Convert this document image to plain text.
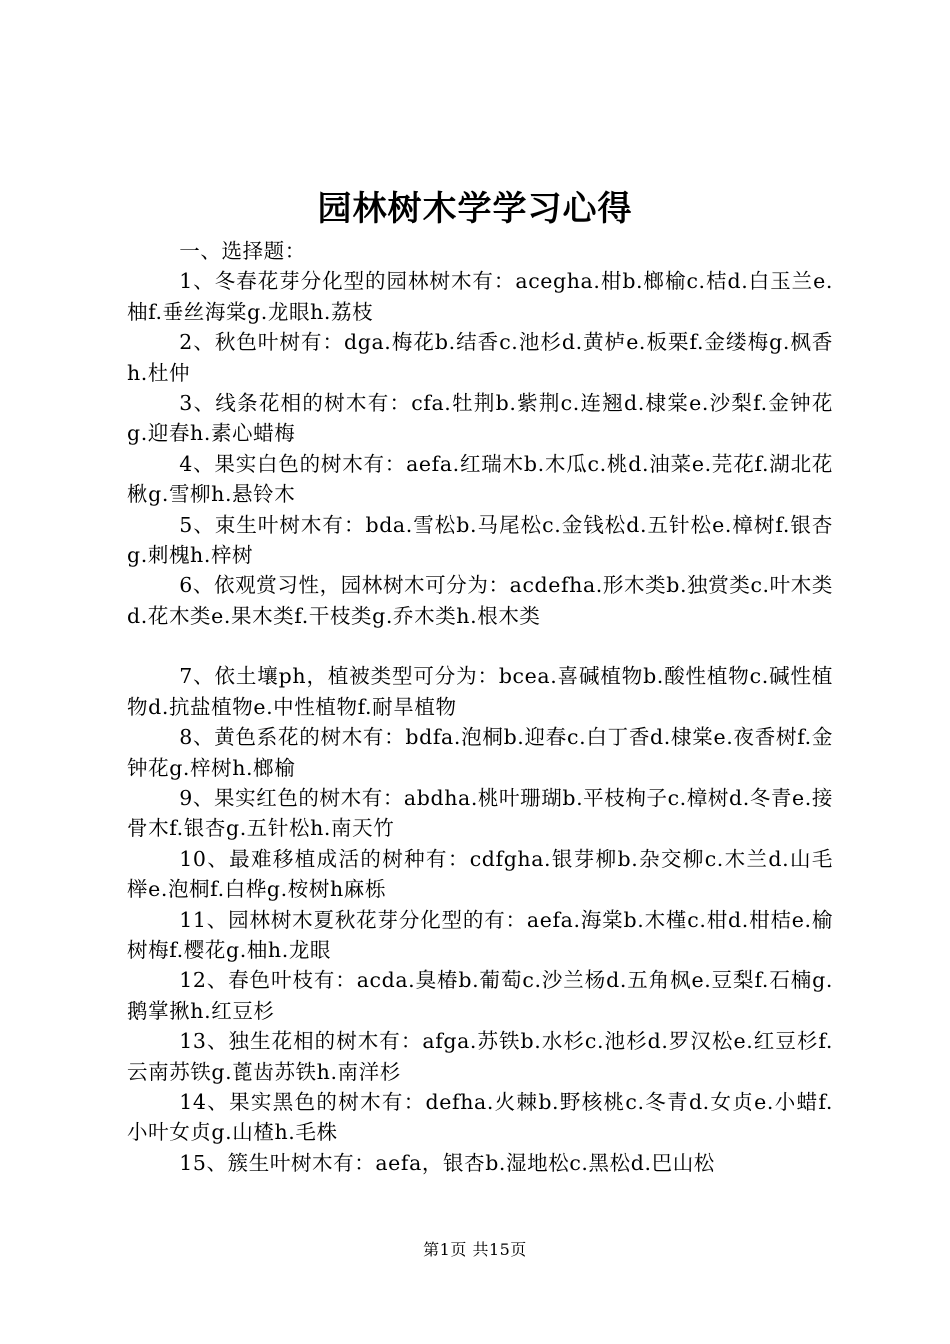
园林树木学学习心得

一、选择题：

1、冬春花芽分化型的园林树木有：acegha.柑b.榔榆c.桔d.白玉兰e.柚f.垂丝海棠g.龙眼h.荔枝

2、秋色叶树有：dga.梅花b.结香c.池杉d.黄栌e.板栗f.金缕梅g.枫香h.杜仲

3、线条花相的树木有：cfa.牡荆b.紫荆c.连翘d.棣棠e.沙梨f.金钟花g.迎春h.素心蜡梅

4、果实白色的树木有：aefa.红瑞木b.木瓜c.桃d.油菜e.芫花f.湖北花楸g.雪柳h.悬铃木

5、束生叶树木有：bda.雪松b.马尾松c.金钱松d.五针松e.樟树f.银杏g.刺槐h.梓树

6、依观赏习性，园林树木可分为：acdefha.形木类b.独赏类c.叶木类d.花木类e.果木类f.干枝类g.乔木类h.根木类

7、依土壤ph，植被类型可分为：bcea.喜碱植物b.酸性植物c.碱性植物d.抗盐植物e.中性植物f.耐旱植物

8、黄色系花的树木有：bdfa.泡桐b.迎春c.白丁香d.棣棠e.夜香树f.金钟花g.梓树h.榔榆

9、果实红色的树木有：abdha.桃叶珊瑚b.平枝栒子c.樟树d.冬青e.接骨木f.银杏g.五针松h.南天竹

10、最难移植成活的树种有：cdfgha.银芽柳b.杂交柳c.木兰d.山毛榉e.泡桐f.白桦g.桉树h麻栎

11、园林树木夏秋花芽分化型的有：aefa.海棠b.木槿c.柑d.柑桔e.榆树梅f.樱花g.柚h.龙眼

12、春色叶枝有：acda.臭椿b.葡萄c.沙兰杨d.五角枫e.豆梨f.石楠g.鹅掌揪h.红豆杉

13、独生花相的树木有：afga.苏铁b.水杉c.池杉d.罗汉松e.红豆杉f.云南苏铁g.蓖齿苏铁h.南洋杉

14、果实黑色的树木有：defha.火棘b.野核桃c.冬青d.女贞e.小蜡f.小叶女贞g.山楂h.毛株

15、簇生叶树木有：aefa，银杏b.湿地松c.黑松d.巴山松

第1页 共15页
